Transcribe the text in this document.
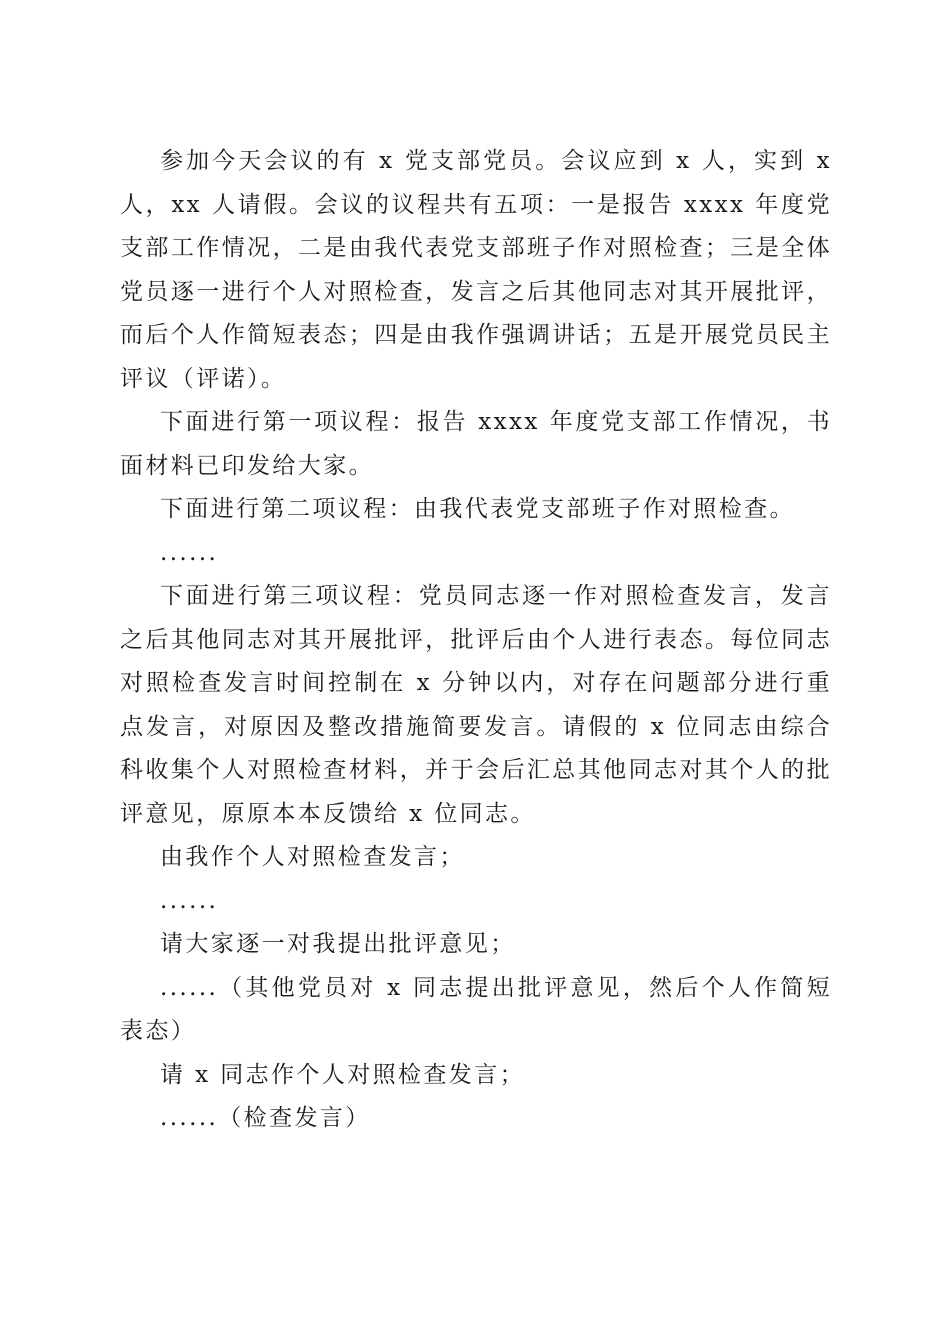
参加今天会议的有 x 党支部党员。会议应到 x 人，实到 x 人，xx 人请假。会议的议程共有五项：一是报告 xxxx 年度党支部工作情况，二是由我代表党支部班子作对照检查；三是全体党员逐一进行个人对照检查，发言之后其他同志对其开展批评，而后个人作简短表态；四是由我作强调讲话；五是开展党员民主评议（评诺）。

下面进行第一项议程：报告 xxxx 年度党支部工作情况，书面材料已印发给大家。

下面进行第二项议程：由我代表党支部班子作对照检查。

......

下面进行第三项议程：党员同志逐一作对照检查发言，发言之后其他同志对其开展批评，批评后由个人进行表态。每位同志对照检查发言时间控制在 x 分钟以内，对存在问题部分进行重点发言，对原因及整改措施简要发言。请假的 x 位同志由综合科收集个人对照检查材料，并于会后汇总其他同志对其个人的批评意见，原原本本反馈给 x 位同志。

由我作个人对照检查发言；

......

请大家逐一对我提出批评意见；

......（其他党员对 x 同志提出批评意见，然后个人作简短表态）

请 x 同志作个人对照检查发言；

......（检查发言）
